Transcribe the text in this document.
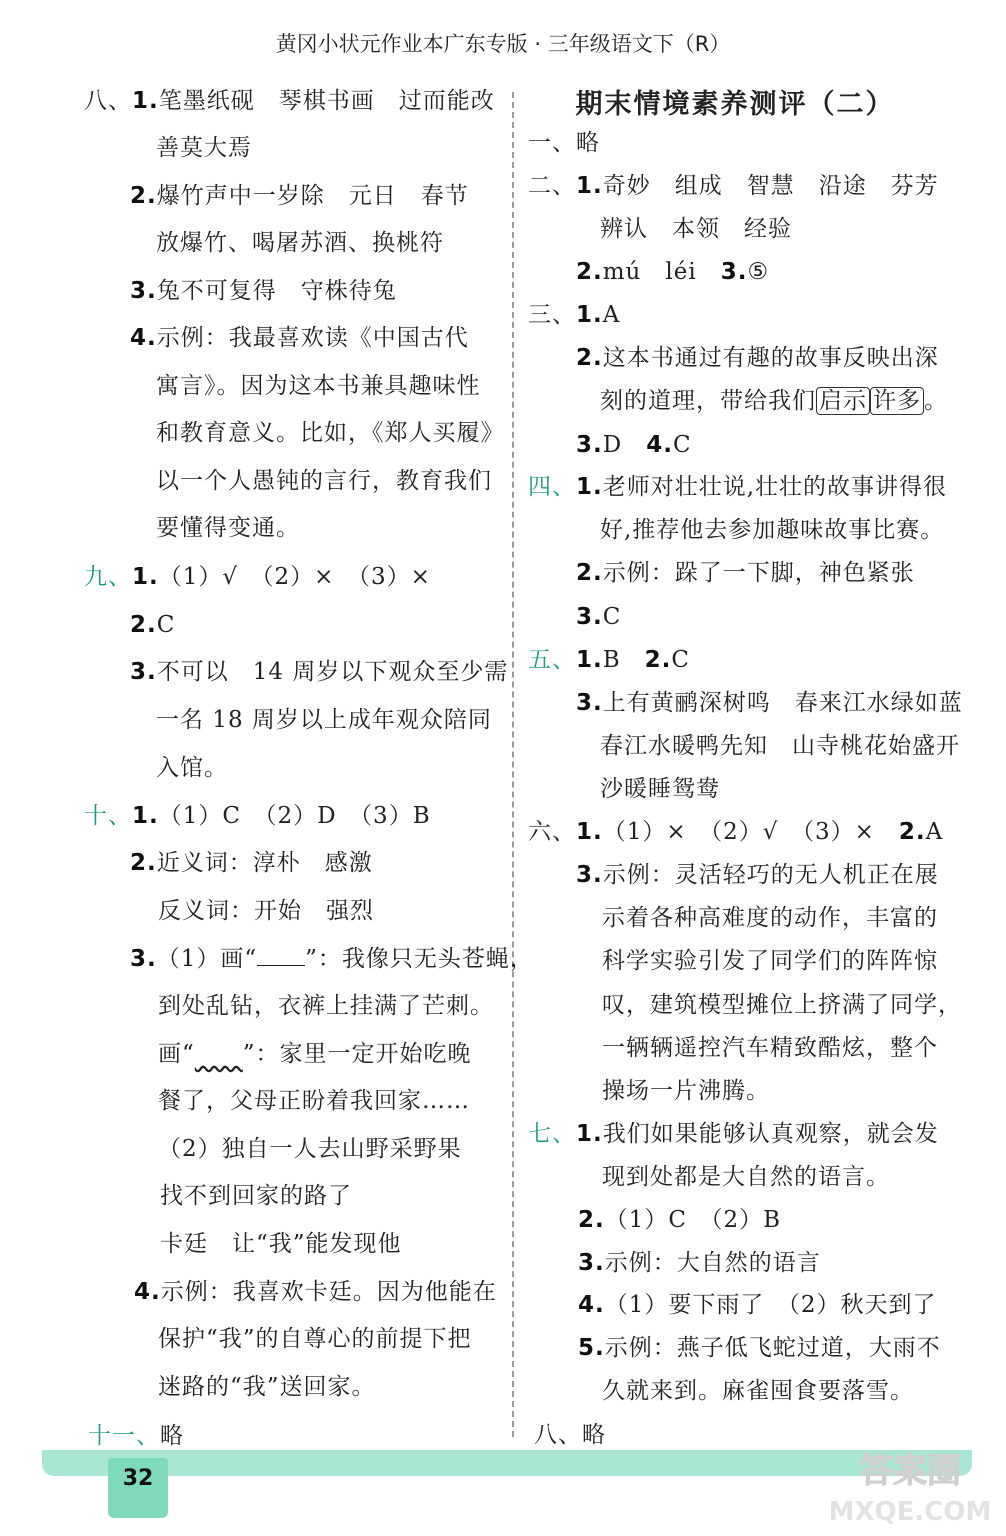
黄冈小状元作业本广东专版 · 三年级语文下（R）
八、1.笔墨纸砚　琴棋书画　过而能改
善莫大焉
2.爆竹声中一岁除　元日　春节
放爆竹、喝屠苏酒、换桃符
3.兔不可复得　守株待兔
4.示例：我最喜欢读《中国古代
寓言》。因为这本书兼具趣味性
和教育意义。比如，《郑人买履》
以一个人愚钝的言行，教育我们
要懂得变通。
九、1.（1）√　（2）×　（3）×
2.C
3.不可以　14 周岁以下观众至少需
一名 18 周岁以上成年观众陪同
入馆。
十、1.（1）C　（2）D　（3）B
2.近义词：淳朴　感激
反义词：开始　强烈
3.（1）画“ ”：我像只无头苍蝇，
到处乱钻，衣裤上挂满了芒刺。
画“　　 ”：家里一定开始吃晚
餐了，父母正盼着我回家……
（2）独自一人去山野采野果
找不到回家的路了
卡廷　让“我”能发现他
4.示例：我喜欢卡廷。因为他能在
保护“我”的自尊心的前提下把
迷路的“我”送回家。
十一、略
期末情境素养测评（二）
一、略
二、1.奇妙　组成　智慧　沿途　芬芳
辨认　本领　经验
2.mú　léi　 3.⑤
三、1.A
2.这本书通过有趣的故事反映出深
刻的道理，带给我们 启示 许多 。
3.D　 4.C
四、1.老师对壮壮说,壮壮的故事讲得很
好,推荐他去参加趣味故事比赛。
2.示例：跺了一下脚，神色紧张
3.C
五、1.B　 2.C
3.上有黄鹂深树鸣　春来江水绿如蓝
春江水暖鸭先知　山寺桃花始盛开
沙暖睡鸳鸯
六、1.（1）×　（2）√　（3）×　 2.A
3.示例：灵活轻巧的无人机正在展
示着各种高难度的动作，丰富的
科学实验引发了同学们的阵阵惊
叹，建筑模型摊位上挤满了同学，
一辆辆遥控汽车精致酷炫，整个
操场一片沸腾。
七、1.我们如果能够认真观察，就会发
现到处都是大自然的语言。
2.（1）C　（2）B
3.示例：大自然的语言
4.（1）要下雨了　（2）秋天到了
5.示例：燕子低飞蛇过道，大雨不
久就来到。麻雀囤食要落雪。
八、略
32	答案圈
MXQE.COM
